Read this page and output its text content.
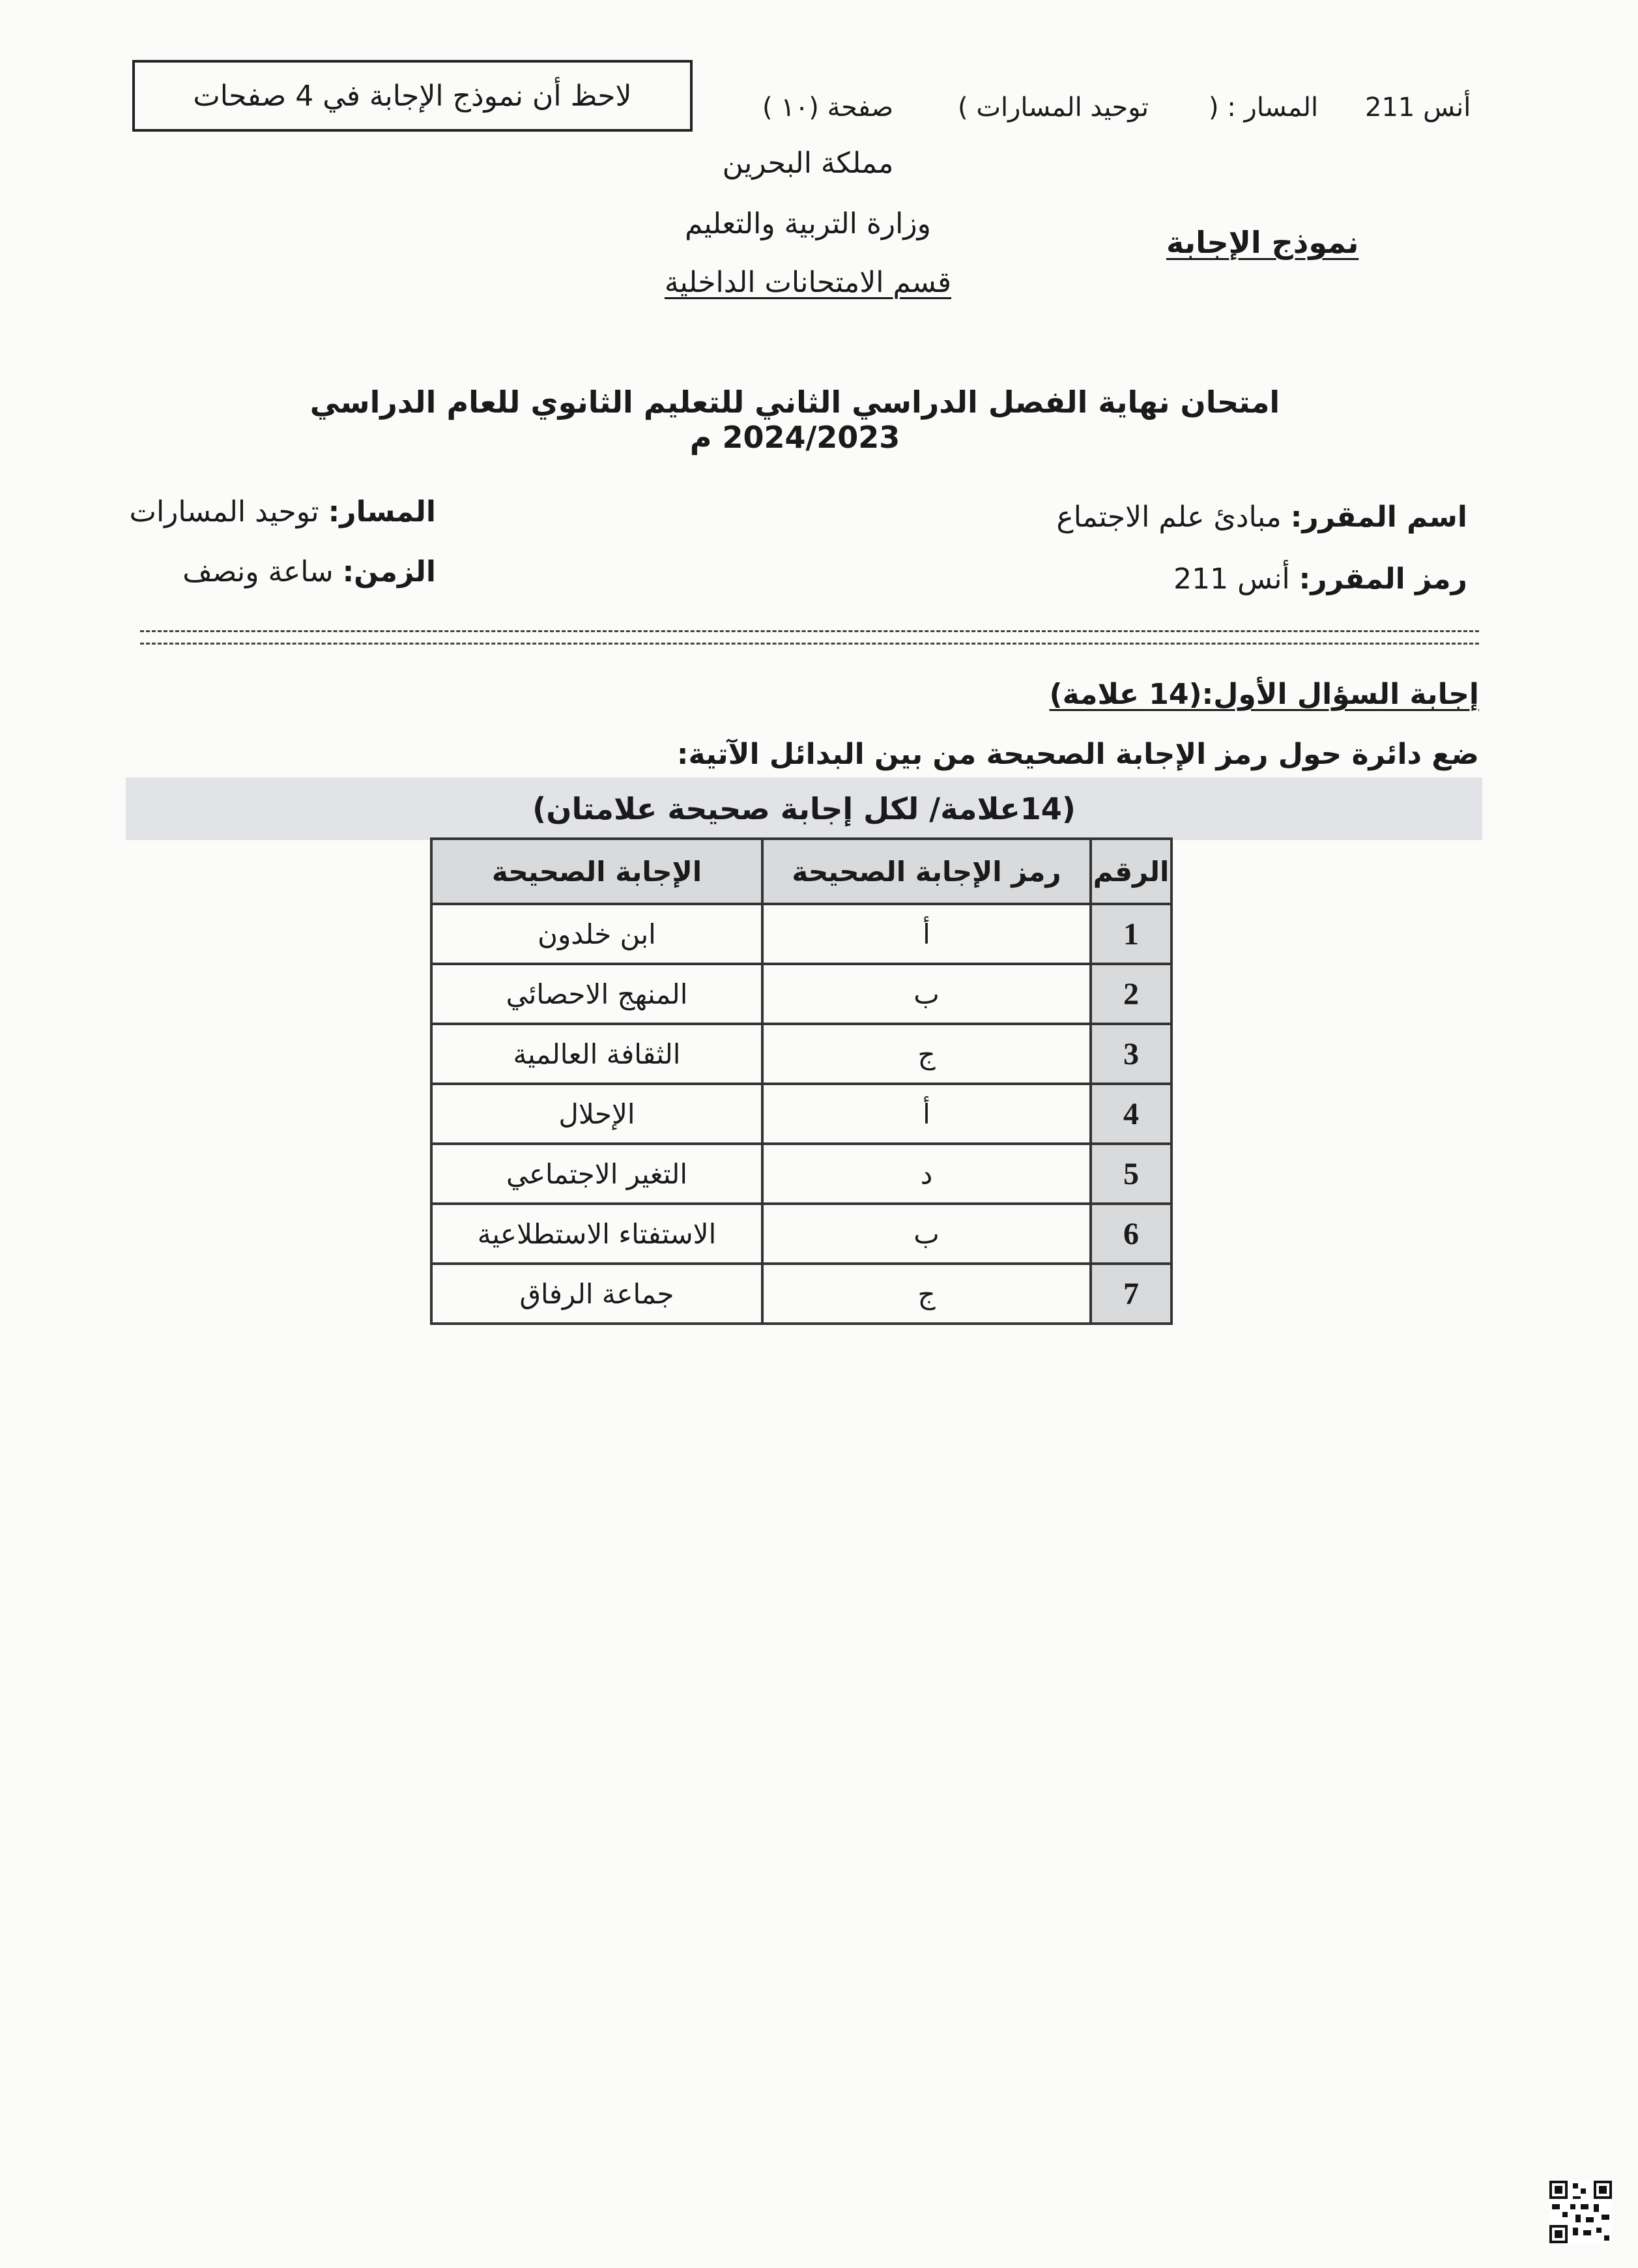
لاحظ أن نموذج الإجابة في 4 صفحات	صفحة (١٠ ) توحيد المسارات ) المسار : ( أنس 211
مملكة البحرين
وزارة التربية والتعليم
قسم الامتحانات الداخلية
نموذج الإجابة
امتحان نهاية الفصل الدراسي الثاني للتعليم الثانوي للعام الدراسي 2024/2023 م
اسم المقرر: مبادئ علم الاجتماع
رمز المقرر: أنس 211
المسار: توحيد المسارات
الزمن: ساعة ونصف
إجابة السؤال الأول:(14 علامة)
ضع دائرة حول رمز الإجابة الصحيحة من بين البدائل الآتية:
(14علامة/ لكل إجابة صحيحة علامتان)
الرقم	رمز الإجابة الصحيحة	الإجابة الصحيحة
1	أ	ابن خلدون
2	ب	المنهج الاحصائي
3	ج	الثقافة العالمية
4	أ	الإحلال
5	د	التغير الاجتماعي
6	ب	الاستفتاء الاستطلاعية
7	ج	جماعة الرفاق
